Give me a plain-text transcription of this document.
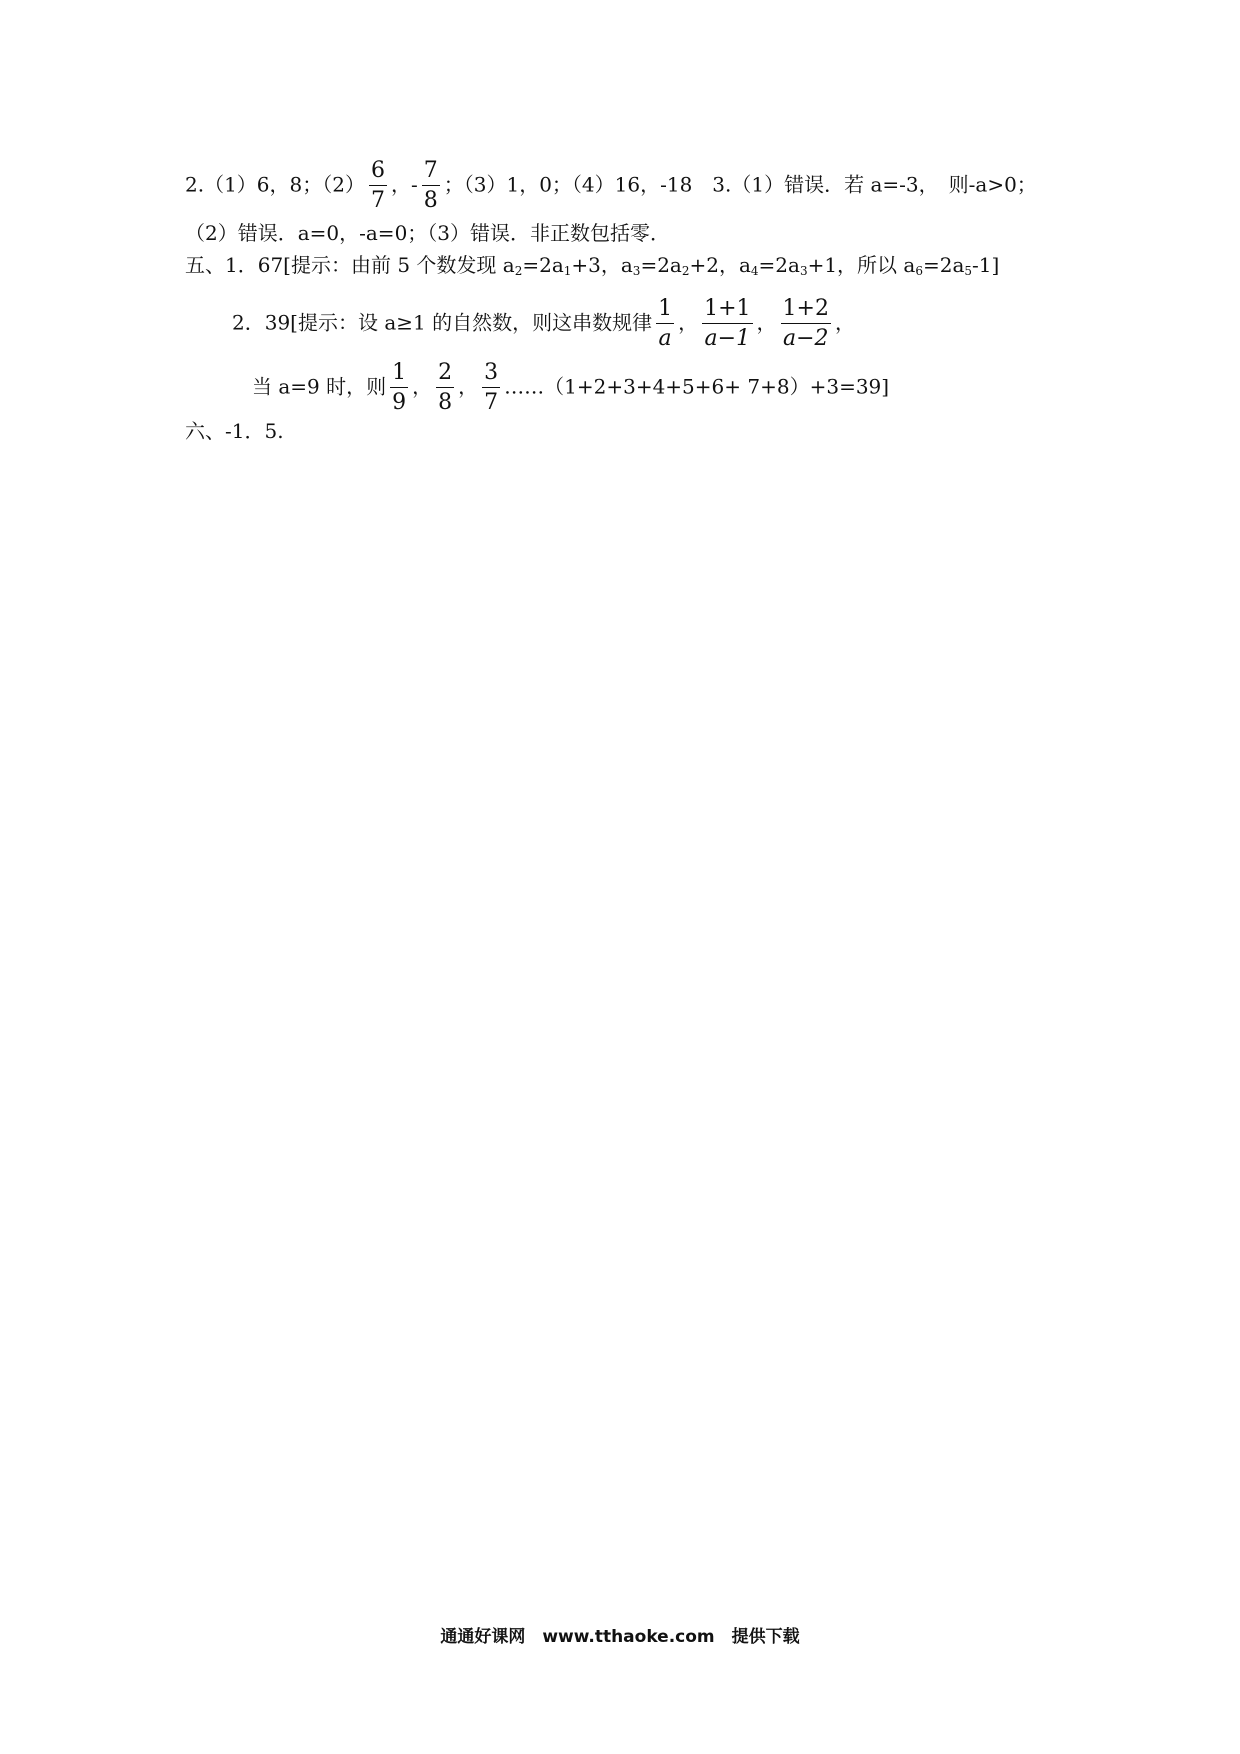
2.（1）6，8；$(2) \frac{6}{7}$ ，- $\frac{7}{8}$ ；（3）1，0；（4）16，-18　3.（1）错误．若 a=-3，　则-a>0；
（2）错误．a=0，-a=0；（3）错误．非正数包括零．
五、1．67[提示：由前 5 个数发现 $a_2=2a_1+3$，$a_3=2a_2+2$，$a_4=2a_3+1$，所以 $a_6=2a_5-1$]
2．39[提示：设 a≥1 的自然数，则这串数规律 $\frac{1}{a}$ ， $\frac{1+1}{a-1}$ ， $\frac{1+2}{a-2}$ ，
当 a=9 时，则 $\frac{1}{9}$ ， $\frac{2}{8}$ ， $\frac{3}{7}$ ……（1+2+3+4+5+6+ 7+8）+3=39]
六、-1．5.
通通好课网　www.tthaoke.com　提供下载
